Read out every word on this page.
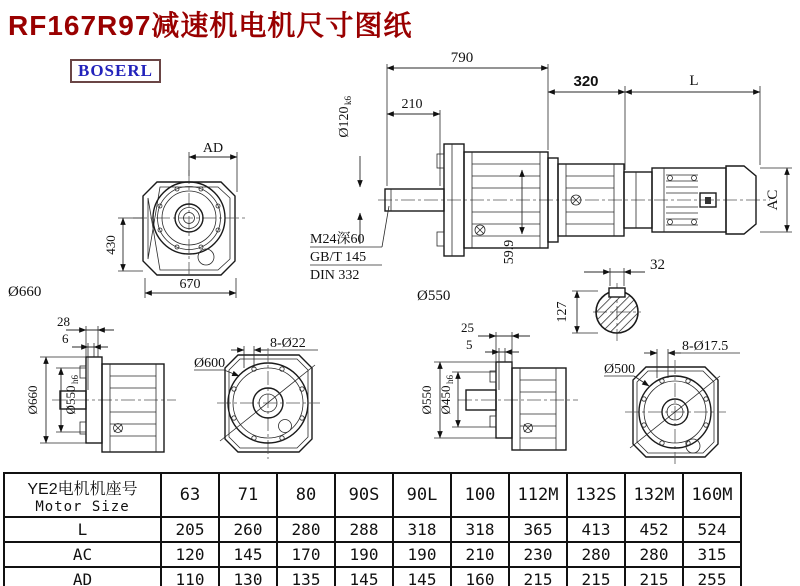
RF167R97减速机电机尺寸图纸
BOSERL
AD
430
670
790
210
320	L
Ø120
k6
M24深60
GB/T 145
DIN 332
59.9
Ø550
AC
32
127
Ø660
28
6
Ø660 Ø550
h6
8-Ø22
Ø600
25
5
Ø550 Ø450
h6
8-Ø17.5
Ø500
YE2电机机座号
Motor Size	63	71	80	90S	90L	100	112M	132S	132M	160M
L	205	260	280	288	318	318	365	413	452	524
AC	120	145	170	190	190	210	230	280	280	315
AD	110	130	135	145	145	160	215	215	215	255
